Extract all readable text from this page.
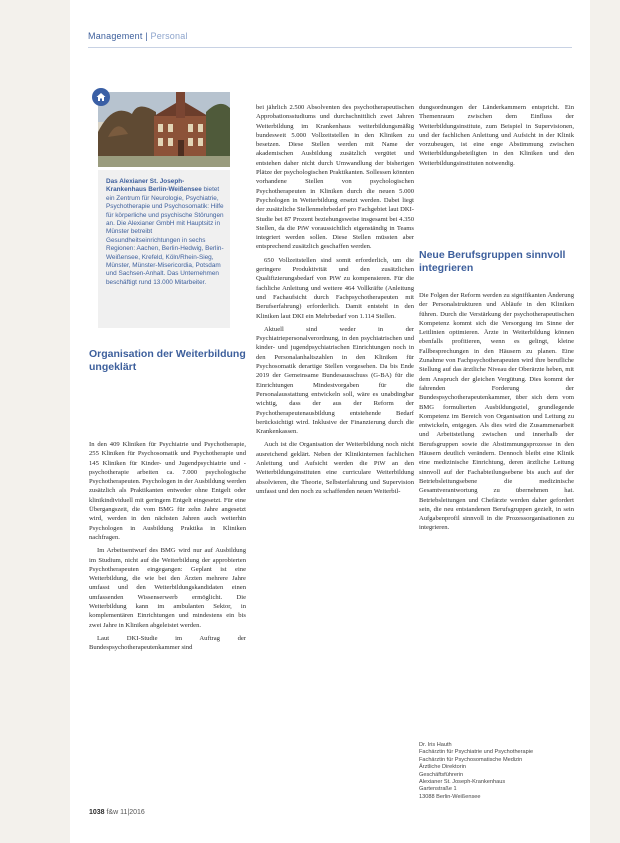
Management | Personal
Das Alexianer St. Joseph-Krankenhaus Berlin-Weißensee bietet ein Zentrum für Neurologie, Psychiatrie, Psychotherapie und Psychosomatik: Hilfe für körperliche und psychische Störungen an. Die Alexianer GmbH mit Hauptsitz in Münster betreibt Gesundheitseinrichtungen in sechs Regionen: Aachen, Berlin-Hedwig, Berlin-Weißensee, Krefeld, Köln/Rhein-Sieg, Münster, Münster-Misericordia, Potsdam und Sachsen-Anhalt. Das Unternehmen beschäftigt rund 13.000 Mitarbeiter.
Organisation der Weiterbildung ungeklärt

In den 409 Kliniken für Psychiatrie und Psychotherapie, 255 Kliniken für Psychosomatik und Psychotherapie und 145 Kliniken für Kinder- und Jugendpsychiatrie und -psychotherapie arbeiten ca. 7.000 psychologische Psychotherapeuten. Psychologen in der Ausbildung werden zusätzlich als Praktikanten entweder ohne Entgelt oder klinikindividuell mit geringem Entgelt eingesetzt. Für eine Übergangszeit, die vom BMG für zehn Jahre angesetzt wird, werden in den nächsten Jahren auch weiterhin Psychologen in Ausbildung Praktika in Kliniken nachfragen.

Im Arbeitsentwurf des BMG wird nur auf Ausbildung im Studium, nicht auf die Weiterbildung der approbierten Psychotherapeuten eingegangen: Geplant ist eine Weiterbildung, die wie bei den Ärzten mehrere Jahre umfasst und den Weiterbildungskandidaten einen umfassenden Wissenserwerb ermöglicht. Die Weiterbildung kann im ambulanten Sektor, in komplementären Einrichtungen und mindestens ein bis zwei Jahre in Kliniken abgeleistet werden.

Laut DKI-Studie im Auftrag der Bundespsychotherapeutenkammer sind

bei jährlich 2.500 Absolventen des psychotherapeutischen Approbationsstudiums und durchschnittlich zwei Jahren Weiterbildung im Krankenhaus weiterbildungsmäßig bundesweit 5.000 Vollzeitstellen in den Kliniken zu besetzen. Diese Stellen werden mit Name der akademischen Ausbildung zusätzlich vergütet und entstehen daher nicht durch Umwandlung der bisherigen Plätze der psychologischen Praktikanten. Sollessen könnten vorhandene Stellen von psychologischen Psychotherapeuten in Kliniken durch die neuen 5.000 Psychologen in Weiterbildung ersetzt werden. Dabei liegt der zusätzliche Stellenmehrbedarf pro Fachgebiet laut DKI-Studie bei 87 Prozent beziehungsweise insgesamt bei 4.350 Stellen, da die PiW voraussichtlich eigenständig in Teams integriert werden sollen. Diese Stellen müssten aber entsprechend zusätzlich geschaffen werden.

650 Vollzeitstellen sind somit erforderlich, um die geringere Produktivität und den zusätzlichen Qualifizierungsbedarf von PiW zu kompensieren. Für die fachliche Anleitung und weitere 464 Vollkräfte (Anleitung und Fachaufsicht durch Fachpsychotherapeuten mit Berufserfahrung) erforderlich. Damit entsteht in den Kliniken laut DKI ein Mehrbedarf von 1.114 Stellen.

Aktuell sind weder in der Psychiatriepersonalverordnung, in den psychiatrischen und kinder- und jugendpsychiatrischen Einrichtungen noch in den Personalanhaltszahlen in den Kliniken für Psychosomatik derartige Stellen vorgesehen. Da bis Ende 2019 der Gemeinsame Bundesausschuss (G-BA) für die Einrichtungen Mindestvorgaben für die Personalausstattung entwickeln soll, wäre es unabdingbar wichtig, dass der aus der Reform der Psychotherapeutenausbildung entstehende Bedarf berücksichtigt wird. Inklusive der Finanzierung durch die Krankenkassen.

Auch ist die Organisation der Weiterbildung noch nicht ausreichend geklärt. Neben der Klinikinternen fachlichen Anleitung und Aufsicht werden die PiW an den Weiterbildungsinstituten eine curriculare Weiterbildung absolvieren, die Theorie, Selbsterfahrung und Supervision umfasst und den noch zu schaffenden neuen Weiterbil-

dungsordnungen der Länderkammern entspricht. Ein Themenraum zwischen dem Einfluss der Weiterbildungsinstitute, zum Beispiel in Supervisionen, und der fachlichen Anleitung und Aufsicht in der Klinik vorzubeugen, ist eine enge Abstimmung zwischen Weiterbildungsbeteiligten in den Kliniken und den Weiterbildungsinstituten notwendig.

Neue Berufsgruppen sinnvoll integrieren

Die Folgen der Reform werden zu signifikanten Änderung der Personalstrukturen und Abläufe in den Kliniken führen. Durch die Verstärkung der psychotherapeutischen Kompetenz kommt sich die Versorgung im Sinne der Leitlinien optimieren. Ärzte in Weiterbildung können ebenfalls profitieren, wenn es gelingt, kleine Fallbesprechungen in den Häusern zu planen. Eine Zunahme von Fachpsychotherapeuten wird ihre berufliche Stellung auf das ärztliche Niveau der Oberärzte heben, mit dem Anspruch der gleichen Vergütung. Dies kommt der fahrenden Forderung der Bundespsychotherapeutenkammer, über sich dem vom BMG formulierten Ausbildungsziel, grundlegende Kompetenz im Bereich von Organisation und Leitung zu entwickeln, entgegen. Als dies wird die Zusammenarbeit und Arbeitsteilung zwischen und innerhalb der Berufsgruppen sowie die Abstimmungsprozesse in den Häusern deutlich verändern. Dennoch bleibt eine Klinik eine medizinische Einrichtung, deren ärztliche Leitung sinnvoll auf der Fachabteilungsebene bis auch auf der Betriebsleitungsebene die medizinische Gesamtverantwortung zu übernehmen hat. Betriebsleitungen und Chefärzte werden daher gefordert sein, die neu entstandenen Berufsgruppen gezielt, in sein Aufgabenprofil sinnvoll in die Prozessorganisationen zu integrieren.

Dr. Iris Hauth
Fachärztin für Psychiatrie und Psychotherapie
Fachärztin für Psychosomatische Medizin
Ärztliche Direktorin
Geschäftsführerin
Alexianer St. Joseph-Krankenhaus
Gartenstraße 1
13088 Berlin-Weißensee
1038 f&w 11|2016
